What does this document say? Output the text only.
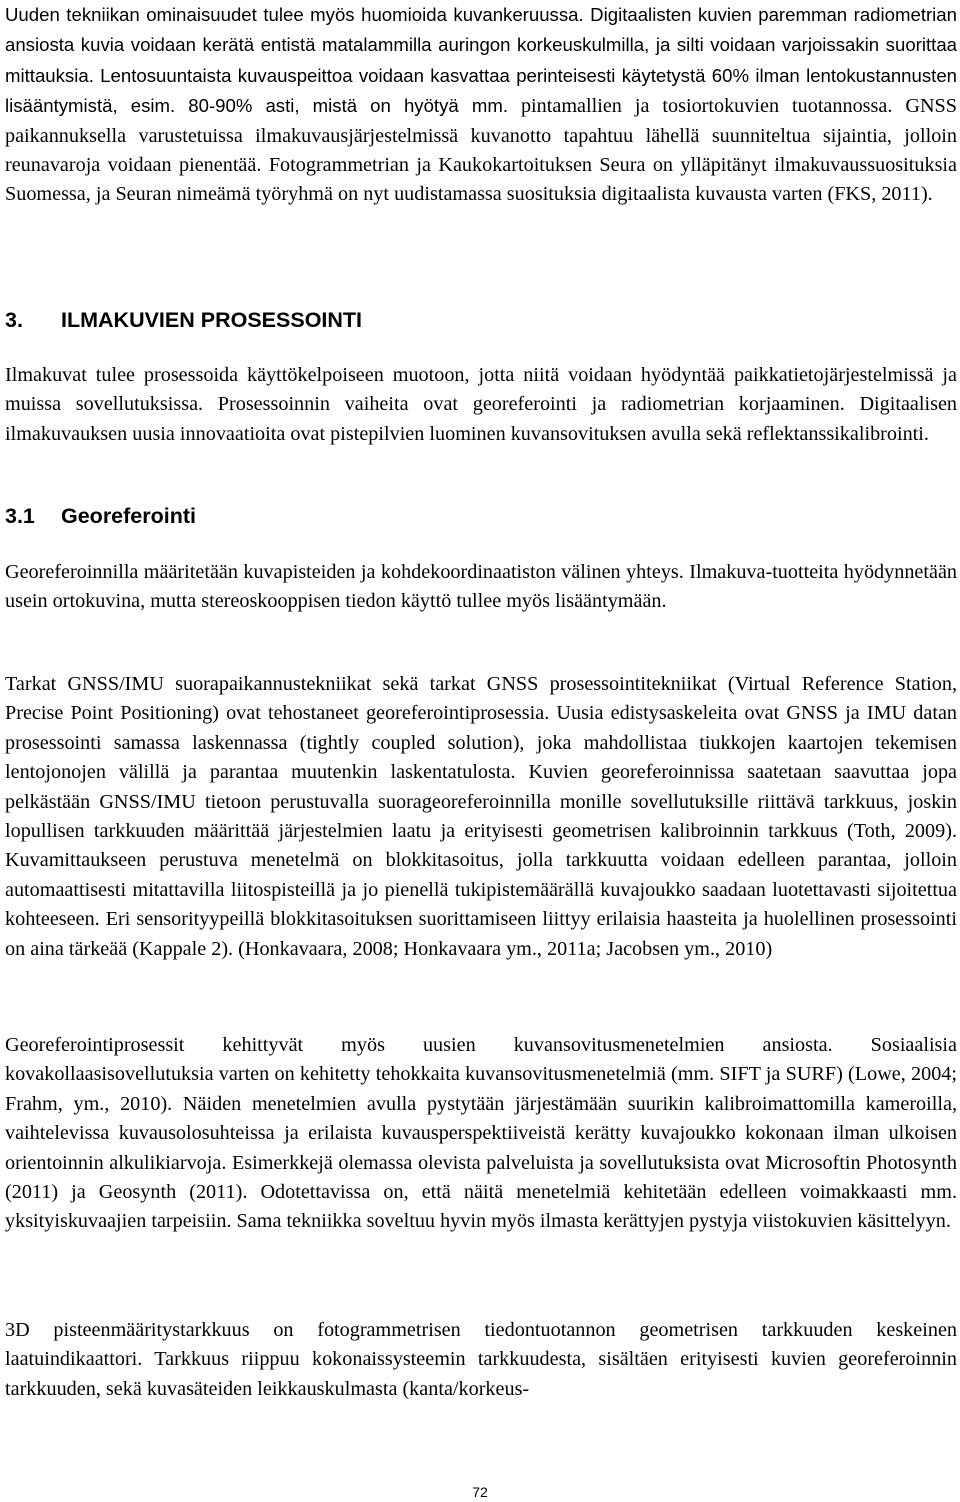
Uuden tekniikan ominaisuudet tulee myös huomioida kuvankeruussa. Digitaalisten kuvien paremman radiometrian ansiosta kuvia voidaan kerätä entistä matalammilla auringon korkeuskulmilla, ja silti voidaan varjoissakin suorittaa mittauksia. Lentosuuntaista kuvauspeittoa voidaan kasvattaa perinteisesti käytetystä 60% ilman lentokustannusten lisääntymistä, esim. 80-90% asti, mistä on hyötyä mm. pintamallien ja tosiortokuvien tuotannossa. GNSS paikannuksella varustetuissa ilmakuvausjärjestelmissä kuvanotto tapahtuu lähellä suunniteltua sijaintia, jolloin reunavaroja voidaan pienentää. Fotogrammetrian ja Kaukokartoituksen Seura on ylläpitänyt ilmakuvaussuosituksia Suomessa, ja Seuran nimeämä työryhmä on nyt uudistamassa suosituksia digitaalista kuvausta varten (FKS, 2011).

3. ILMAKUVIEN PROSESSOINTI

Ilmakuvat tulee prosessoida käyttökelpoiseen muotoon, jotta niitä voidaan hyödyntää paikkatietojärjestelmissä ja muissa sovellutuksissa. Prosessoinnin vaiheita ovat georeferointi ja radiometrian korjaaminen. Digitaalisen ilmakuvauksen uusia innovaatioita ovat pistepilvien luominen kuvansovituksen avulla sekä reflektanssikalibrointi.

3.1 Georeferointi

Georeferoinnilla määritetään kuvapisteiden ja kohdekoordinaatiston välinen yhteys. Ilmakuva-tuotteita hyödynnetään usein ortokuvina, mutta stereoskooppisen tiedon käyttö tullee myös lisääntymään.

Tarkat GNSS/IMU suorapaikannustekniikat sekä tarkat GNSS prosessointitekniikat (Virtual Reference Station, Precise Point Positioning) ovat tehostaneet georeferointiprosessia. Uusia edistysaskeleita ovat GNSS ja IMU datan prosessointi samassa laskennassa (tightly coupled solution), joka mahdollistaa tiukkojen kaartojen tekemisen lentojonojen välillä ja parantaa muutenkin laskentatulosta. Kuvien georeferoinnissa saatetaan saavuttaa jopa pelkästään GNSS/IMU tietoon perustuvalla suorageoreferoinnilla monille sovellutuksille riittävä tarkkuus, joskin lopullisen tarkkuuden määrittää järjestelmien laatu ja erityisesti geometrisen kalibroinnin tarkkuus (Toth, 2009). Kuvamittaukseen perustuva menetelmä on blokkitasoitus, jolla tarkkuutta voidaan edelleen parantaa, jolloin automaattisesti mitattavilla liitospisteillä ja jo pienellä tukipistemäärällä kuvajoukko saadaan luotettavasti sijoitettua kohteeseen. Eri sensorityypeillä blokkitasoituksen suorittamiseen liittyy erilaisia haasteita ja huolellinen prosessointi on aina tärkeää (Kappale 2). (Honkavaara, 2008; Honkavaara ym., 2011a; Jacobsen ym., 2010)

Georeferointiprosessit kehittyvät myös uusien kuvansovitusmenetelmien ansiosta. Sosiaalisia kovakollaasisovellutuksia varten on kehitetty tehokkaita kuvansovitusmenetelmiä (mm. SIFT ja SURF) (Lowe, 2004; Frahm, ym., 2010). Näiden menetelmien avulla pystytään järjestämään suurikin kalibroimattomilla kameroilla, vaihtelevissa kuvausolosuhteissa ja erilaista kuvausperspektiiveistä kerätty kuvajoukko kokonaan ilman ulkoisen orientoinnin alkulikiarvoja. Esimerkkejä olemassa olevista palveluista ja sovellutuksista ovat Microsoftin Photosynth (2011) ja Geosynth (2011). Odotettavissa on, että näitä menetelmiä kehitetään edelleen voimakkaasti mm. yksityiskuvaajien tarpeisiin. Sama tekniikka soveltuu hyvin myös ilmasta kerättyjen pystyja viistokuvien käsittelyyn.

3D pisteenmääritystarkkuus on fotogrammetrisen tiedontuotannon geometrisen tarkkuuden keskeinen laatuindikaattori. Tarkkuus riippuu kokonaissysteemin tarkkuudesta, sisältäen erityisesti kuvien georeferoinnin tarkkuuden, sekä kuvasäteiden leikkauskulmasta (kanta/korkeus-

72
